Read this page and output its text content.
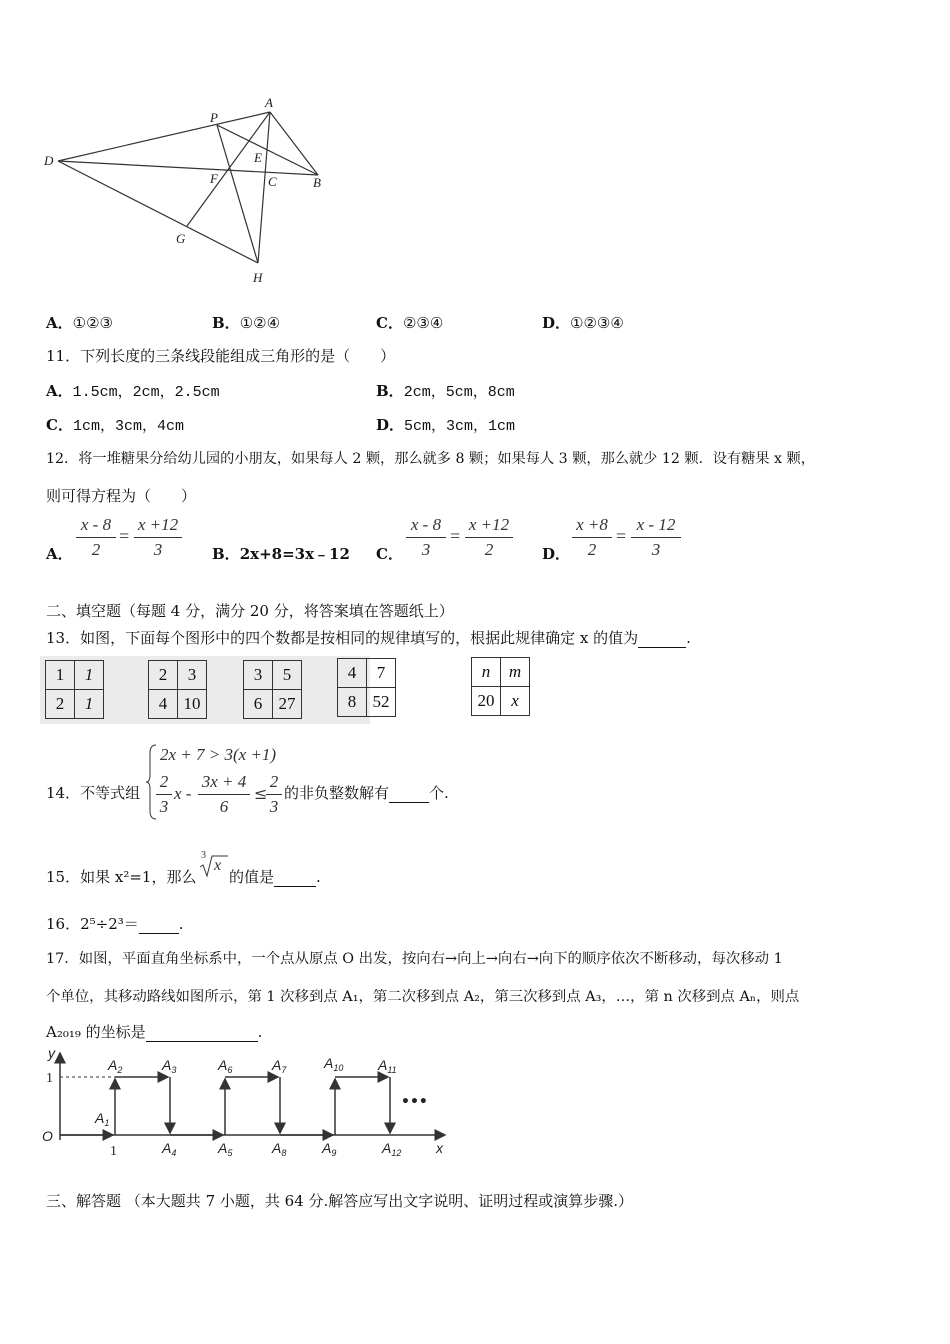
A
P
D	E
F	C	B
G
H
A．①②③	B．①②④	C．②③④	D．①②③④
11．下列长度的三条线段能组成三角形的是（　　）
A．1.5cm，2cm，2.5cm	B．2cm，5cm，8cm
C．1cm，3cm，4cm	D．5cm，3cm，1cm
12．将一堆糖果分给幼儿园的小朋友，如果每人 2 颗，那么就多 8 颗；如果每人 3 颗，那么就少 12 颗．设有糖果 x 颗，
则可得方程为（　　）
A．
x - 8
2
=
x +12
3	B．2x+8=3x﹣12 C．
x - 8
3
=
x +12
2	D．
x +8
2
=
x - 12
3
二、填空题（每题 4 分，满分 20 分，将答案填在答题纸上）
13．如图，下面每个图形中的四个数都是按相同的规律填写的，根据此规律确定 x 的值为	.
1	1
2	1
2	3
4	10
3	5
6	27
4	7
8	52
n	m
20	x
14．不等式组
2x + 7 > 3(x +1)
2
3
x -
3x + 4
6
≤
2
3
的非负整数解有	个.
15．如果 x²=1，那么
3
x
的值是	.
16．2⁵÷2³＝	.
17．如图，平面直角坐标系中，一个点从原点 O 出发，按向右→向上→向右→向下的顺序依次不断移动，每次移动 1
个单位，其移动路线如图所示，第 1 次移到点 A₁，第二次移到点 A₂，第三次移到点 A₃，…，第 n 次移到点 Aₙ，则点
A₂₀₁₉ 的坐标是	.
y
x
O
1
1
$A_1$
$A_2$	$A_3$
$A_4$	$A_5$
$A_6$	$A_7$
$A_8$	$A_9$
$A_{10}$ $A_{11}$
$A_{12}$
•••
三、解答题 （本大题共 7 小题，共 64 分.解答应写出文字说明、证明过程或演算步骤.）
